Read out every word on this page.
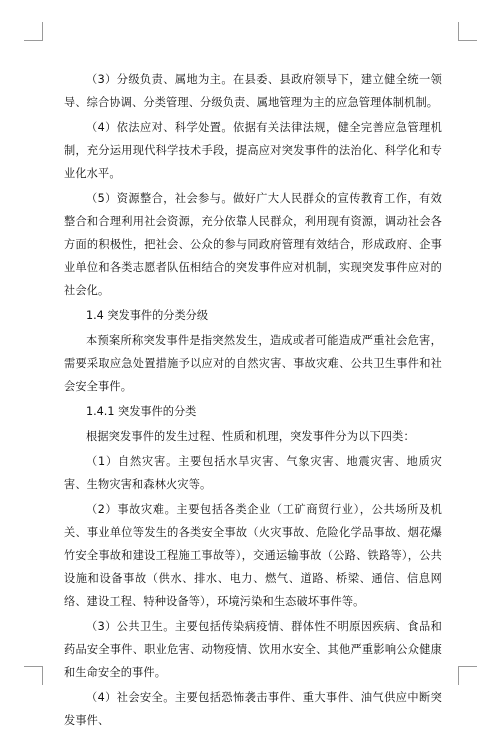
（3）分级负责、属地为主。在县委、县政府领导下，建立健全统一领导、综合协调、分类管理、分级负责、属地管理为主的应急管理体制机制。

（4）依法应对、科学处置。依据有关法律法规，健全完善应急管理机制，充分运用现代科学技术手段，提高应对突发事件的法治化、科学化和专业化水平。

（5）资源整合，社会参与。做好广大人民群众的宣传教育工作，有效整合和合理利用社会资源，充分依靠人民群众，利用现有资源，调动社会各方面的积极性，把社会、公众的参与同政府管理有效结合，形成政府、企事业单位和各类志愿者队伍相结合的突发事件应对机制，实现突发事件应对的社会化。

1.4 突发事件的分类分级

本预案所称突发事件是指突然发生，造成或者可能造成严重社会危害，需要采取应急处置措施予以应对的自然灾害、事故灾难、公共卫生事件和社会安全事件。

1.4.1 突发事件的分类

根据突发事件的发生过程、性质和机理，突发事件分为以下四类：

（1）自然灾害。主要包括水旱灾害、气象灾害、地震灾害、地质灾害、生物灾害和森林火灾等。

（2）事故灾难。主要包括各类企业（工矿商贸行业），公共场所及机关、事业单位等发生的各类安全事故（火灾事故、危险化学品事故、烟花爆竹安全事故和建设工程施工事故等），交通运输事故（公路、铁路等），公共设施和设备事故（供水、排水、电力、燃气、道路、桥梁、通信、信息网络、建设工程、特种设备等），环境污染和生态破坏事件等。

（3）公共卫生。主要包括传染病疫情、群体性不明原因疾病、食品和药品安全事件、职业危害、动物疫情、饮用水安全、其他严重影响公众健康和生命安全的事件。

（4）社会安全。主要包括恐怖袭击事件、重大事件、油气供应中断突发事件、
